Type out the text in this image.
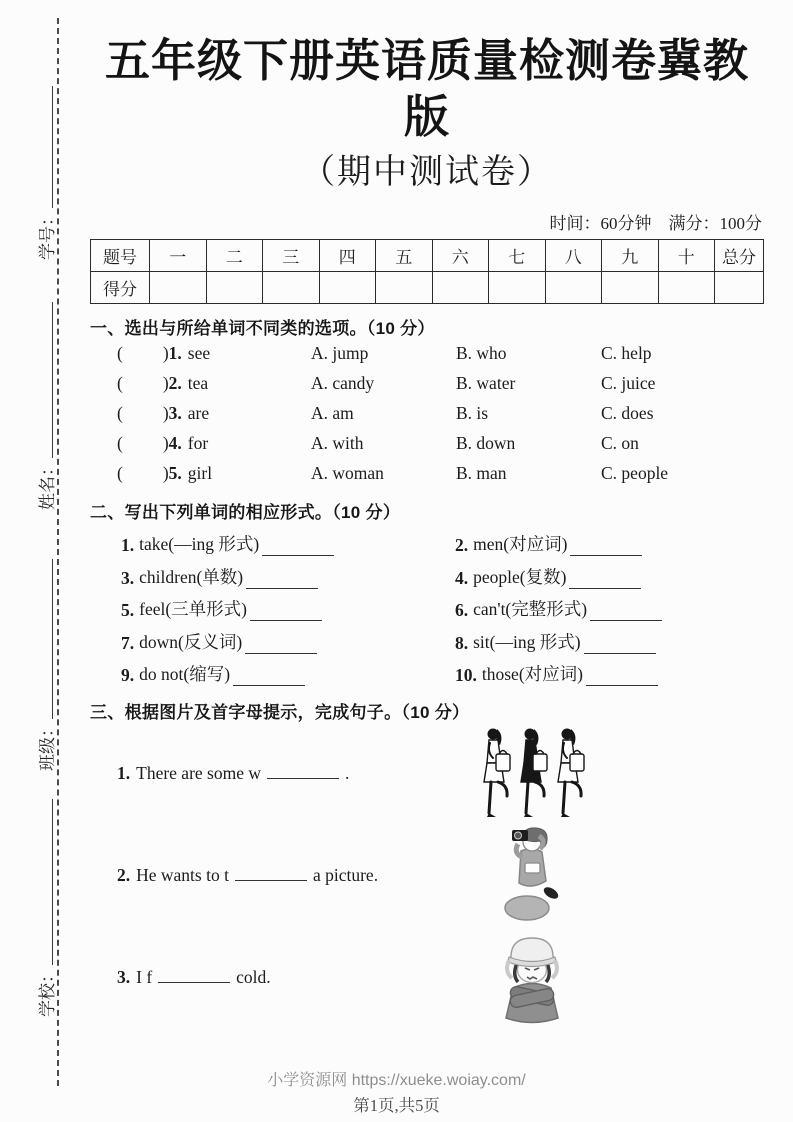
学号：
姓名：
班级：
学校：
五年级下册英语质量检测卷冀教版
（期中测试卷）
时间：60分钟　满分：100分
题号	一	二	三	四	五	六	七	八	九	十	总分
得分											
一、选出与所给单词不同类的选项。（10 分）
( )1. see	A. jump	B. who	C. help
( )2. tea	A. candy	B. water	C. juice
( )3. are	A. am	B. is	C. does
( )4. for	A. with	B. down	C. on
( )5. girl	A. woman	B. man	C. people
二、写出下列单词的相应形式。（10 分）
1. take(—ing 形式)	2. men(对应词)
3. children(单数)	4. people(复数)
5. feel(三单形式)	6. can't(完整形式)
7. down(反义词)	8. sit(—ing 形式)
9. do not(缩写)	10. those(对应词)
三、根据图片及首字母提示，完成句子。（10 分）
1. There are some w	.
2. He wants to t	a picture.
3. I f	cold.
小学资源网 https://xueke.woiay.com/
第1页,共5页
